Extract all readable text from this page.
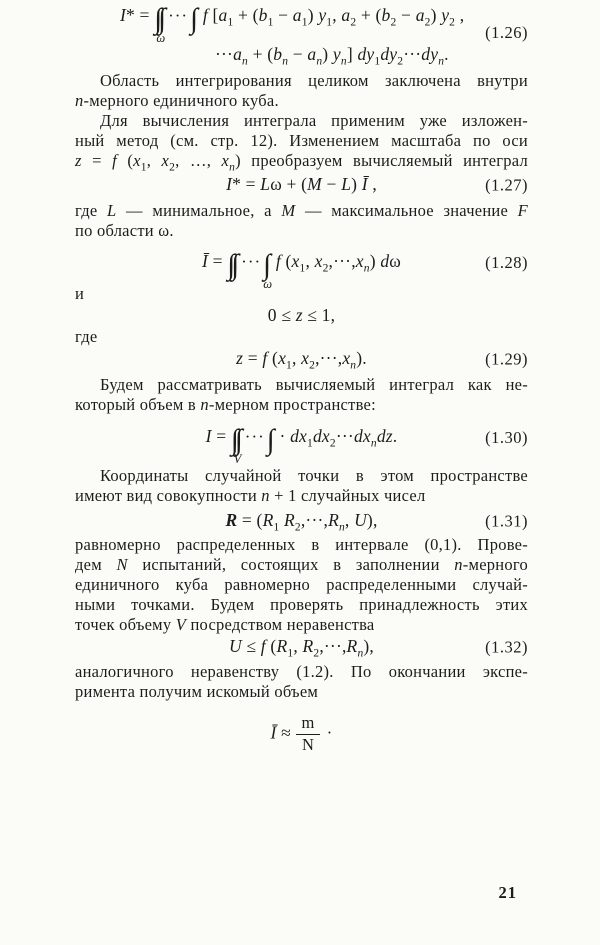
I* = ∫∫
ω
···∫ f [$a_1 + (b_1 - a_1)$ $y_1$, $a_2 + (b_2 - a_2)$ $y_2$ ,
$\cdot\cdot\cdot a_n + (b_n - a_n)$ $y_n$] $dy_1dy_2\cdot\cdot\cdot dy_n$.
(1.26)
Область интегрирования целиком заключена внутри
n-мерного единичного куба.
Для вычисления интеграла применим уже изложен-
ный метод (см. стр. 12). Изменением масштаба по оси
z = f ($x_1$, $x_2$, …, $x_n$) преобразуем вычисляемый интеграл
I* = Lω + (M − L) Ī ,	(1.27)
где L — минимальное, а M — максимальное значение F
по области ω.
Ī = ∫∫ ···∫
ω
f ($x_1$, $x_2,\cdot\cdot\cdot,x_n$) dω	(1.28)
и
0 ≤ z ≤ 1,
где
z = f ($x_1$, $x_2,\cdot\cdot\cdot,x_n$).	(1.29)
Будем рассматривать вычисляемый интеграл как не-
который объем в n-мерном пространстве:
I = ∫∫
V
···∫ · $dx_1dx_2\cdot\cdot\cdot dx_ndz$.	(1.30)
Координаты случайной точки в этом пространстве
имеют вид совокупности n + 1 случайных чисел
$R = (R_1$ $R_2,\cdot\cdot\cdot,R_n$, U),	(1.31)
равномерно распределенных в интервале (0,1). Прове-
дем N испытаний, состоящих в заполнении n-мерного
единичного куба равномерно распределенными случай-
ными точками. Будем проверять принадлежность этих
точек объему V посредством неравенства
U ≤ f ($R_1$, $R_2,\cdot\cdot\cdot,R_n$),	(1.32)
аналогичного неравенству (1.2). По окончании экспе-
римента получим искомый объем
Ī ≈ $\frac{m}{N}$ ·
21
